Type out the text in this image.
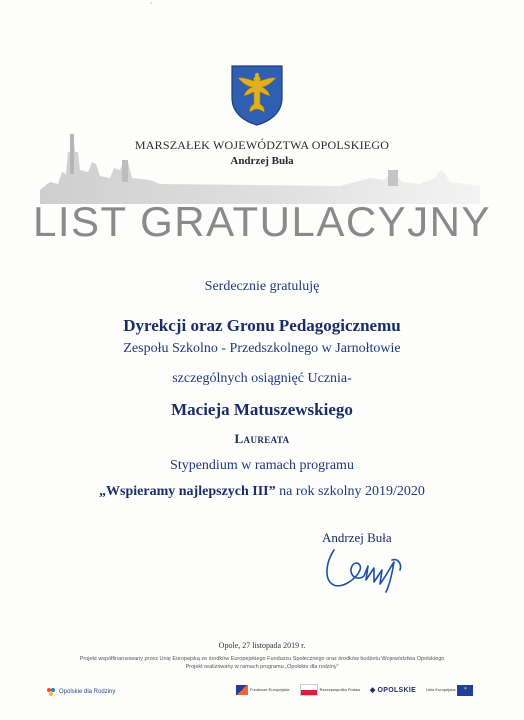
ˇ
MARSZAŁEK WOJEWÓDZTWA OPOLSKIEGO
Andrzej Buła
LIST GRATULACYJNY
Serdecznie gratuluję
Dyrekcji oraz Gronu Pedagogicznemu
Zespołu Szkolno - Przedszkolnego w Jarnołtowie
szczególnych osiągnięć Ucznia-
Macieja Matuszewskiego
Laureata
Stypendium w ramach programu
„Wspieramy najlepszych III” na rok szkolny 2019/2020
Andrzej Buła
Opole, 27 listopada 2019 r.
Projekt współfinansowany przez Unię Europejską ze środków Europejskiego Funduszu Społecznego oraz środków budżetu Województwa Opolskiego
Projekt realizowany w ramach programu „Opolskie dla rodziny”
Opolskie dla Rodziny	Fundusze Europejskie	Rzeczpospolita Polska ◆ OPOLSKIE	Unia Europejska	✶
